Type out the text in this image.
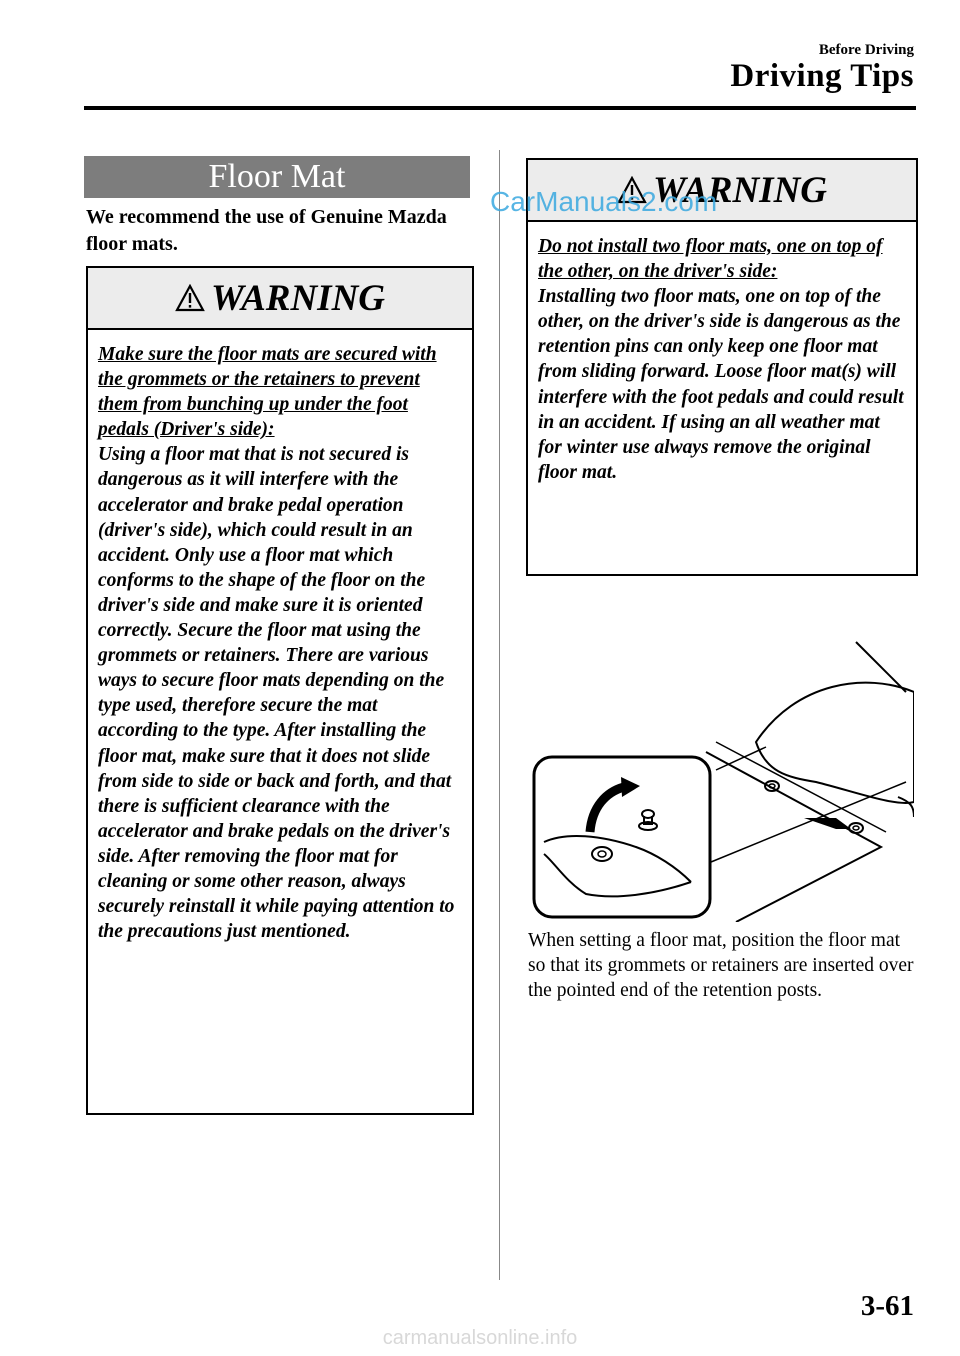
Before Driving
Driving Tips
Floor Mat
We recommend the use of Genuine Mazda floor mats.
WARNING

Make sure the floor mats are secured with the grommets or the retainers to prevent them from bunching up under the foot pedals (Driver's side):

Using a floor mat that is not secured is dangerous as it will interfere with the accelerator and brake pedal operation (driver's side), which could result in an accident. Only use a floor mat which conforms to the shape of the floor on the driver's side and make sure it is oriented correctly. Secure the floor mat using the grommets or retainers. There are various ways to secure floor mats depending on the type used, therefore secure the mat according to the type. After installing the floor mat, make sure that it does not slide from side to side or back and forth, and that there is sufficient clearance with the accelerator and brake pedals on the driver's side. After removing the floor mat for cleaning or some other reason, always securely reinstall it while paying attention to the precautions just mentioned.

WARNING

Do not install two floor mats, one on top of the other, on the driver's side:

Installing two floor mats, one on top of the other, on the driver's side is dangerous as the retention pins can only keep one floor mat from sliding forward. Loose floor mat(s) will interfere with the foot pedals and could result in an accident. If using an all weather mat for winter use always remove the original floor mat.

CarManuals2.com
When setting a floor mat, position the floor mat so that its grommets or retainers are inserted over the pointed end of the retention posts.
3-61
carmanualsonline.info
